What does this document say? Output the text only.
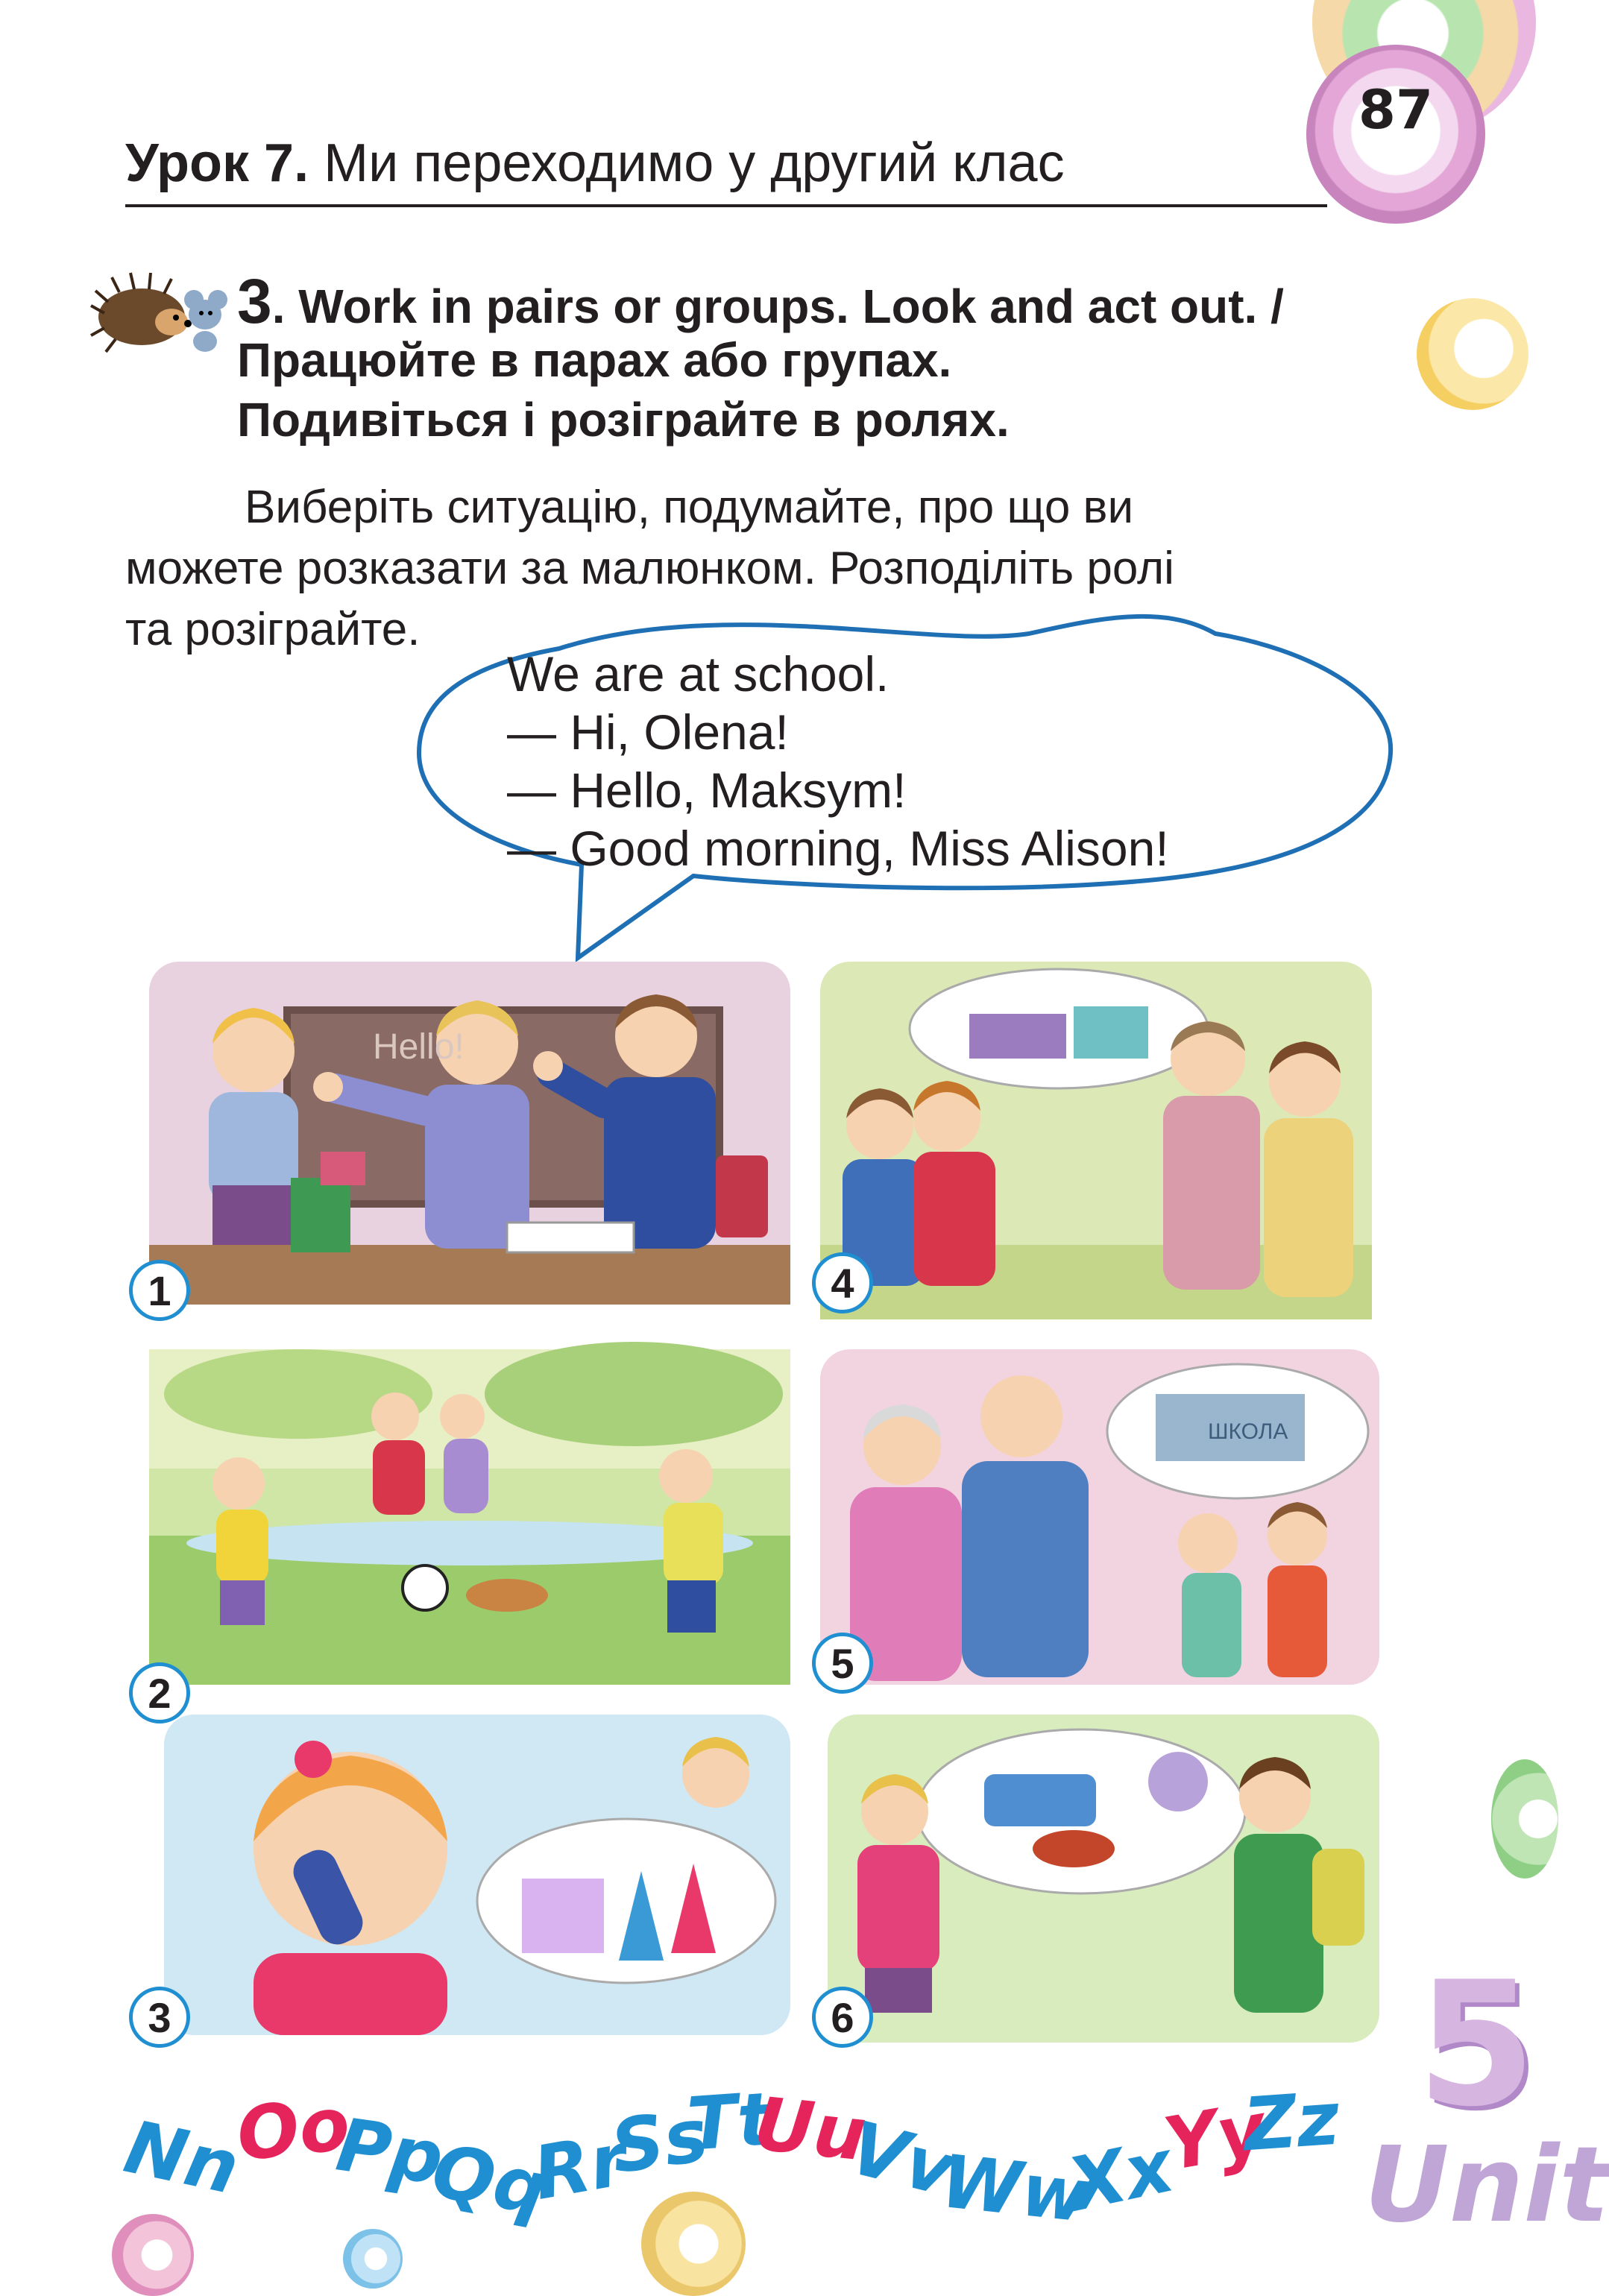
87
Урок 7. Ми переходимо у другий клас
3. Work in pairs or groups. Look and act out. /
Працюйте в парах або групах.
Подивіться і розіграйте в ролях.

Виберіть ситуацію, подумайте, про що ви

можете розказати за малюнком. Розподіліть ролі

та розіграйте.

We are at school.
— Hi, Olena!
— Hello, Maksym!
— Good morning, Miss Alison!
Hello!
1	4
2
ШКОЛА
5
3	6	5
Unit
Nn
Oo
Pp
Qq
Rr
Ss
Tt
Uu
Vv
Ww
Xx
Yy
Zz
